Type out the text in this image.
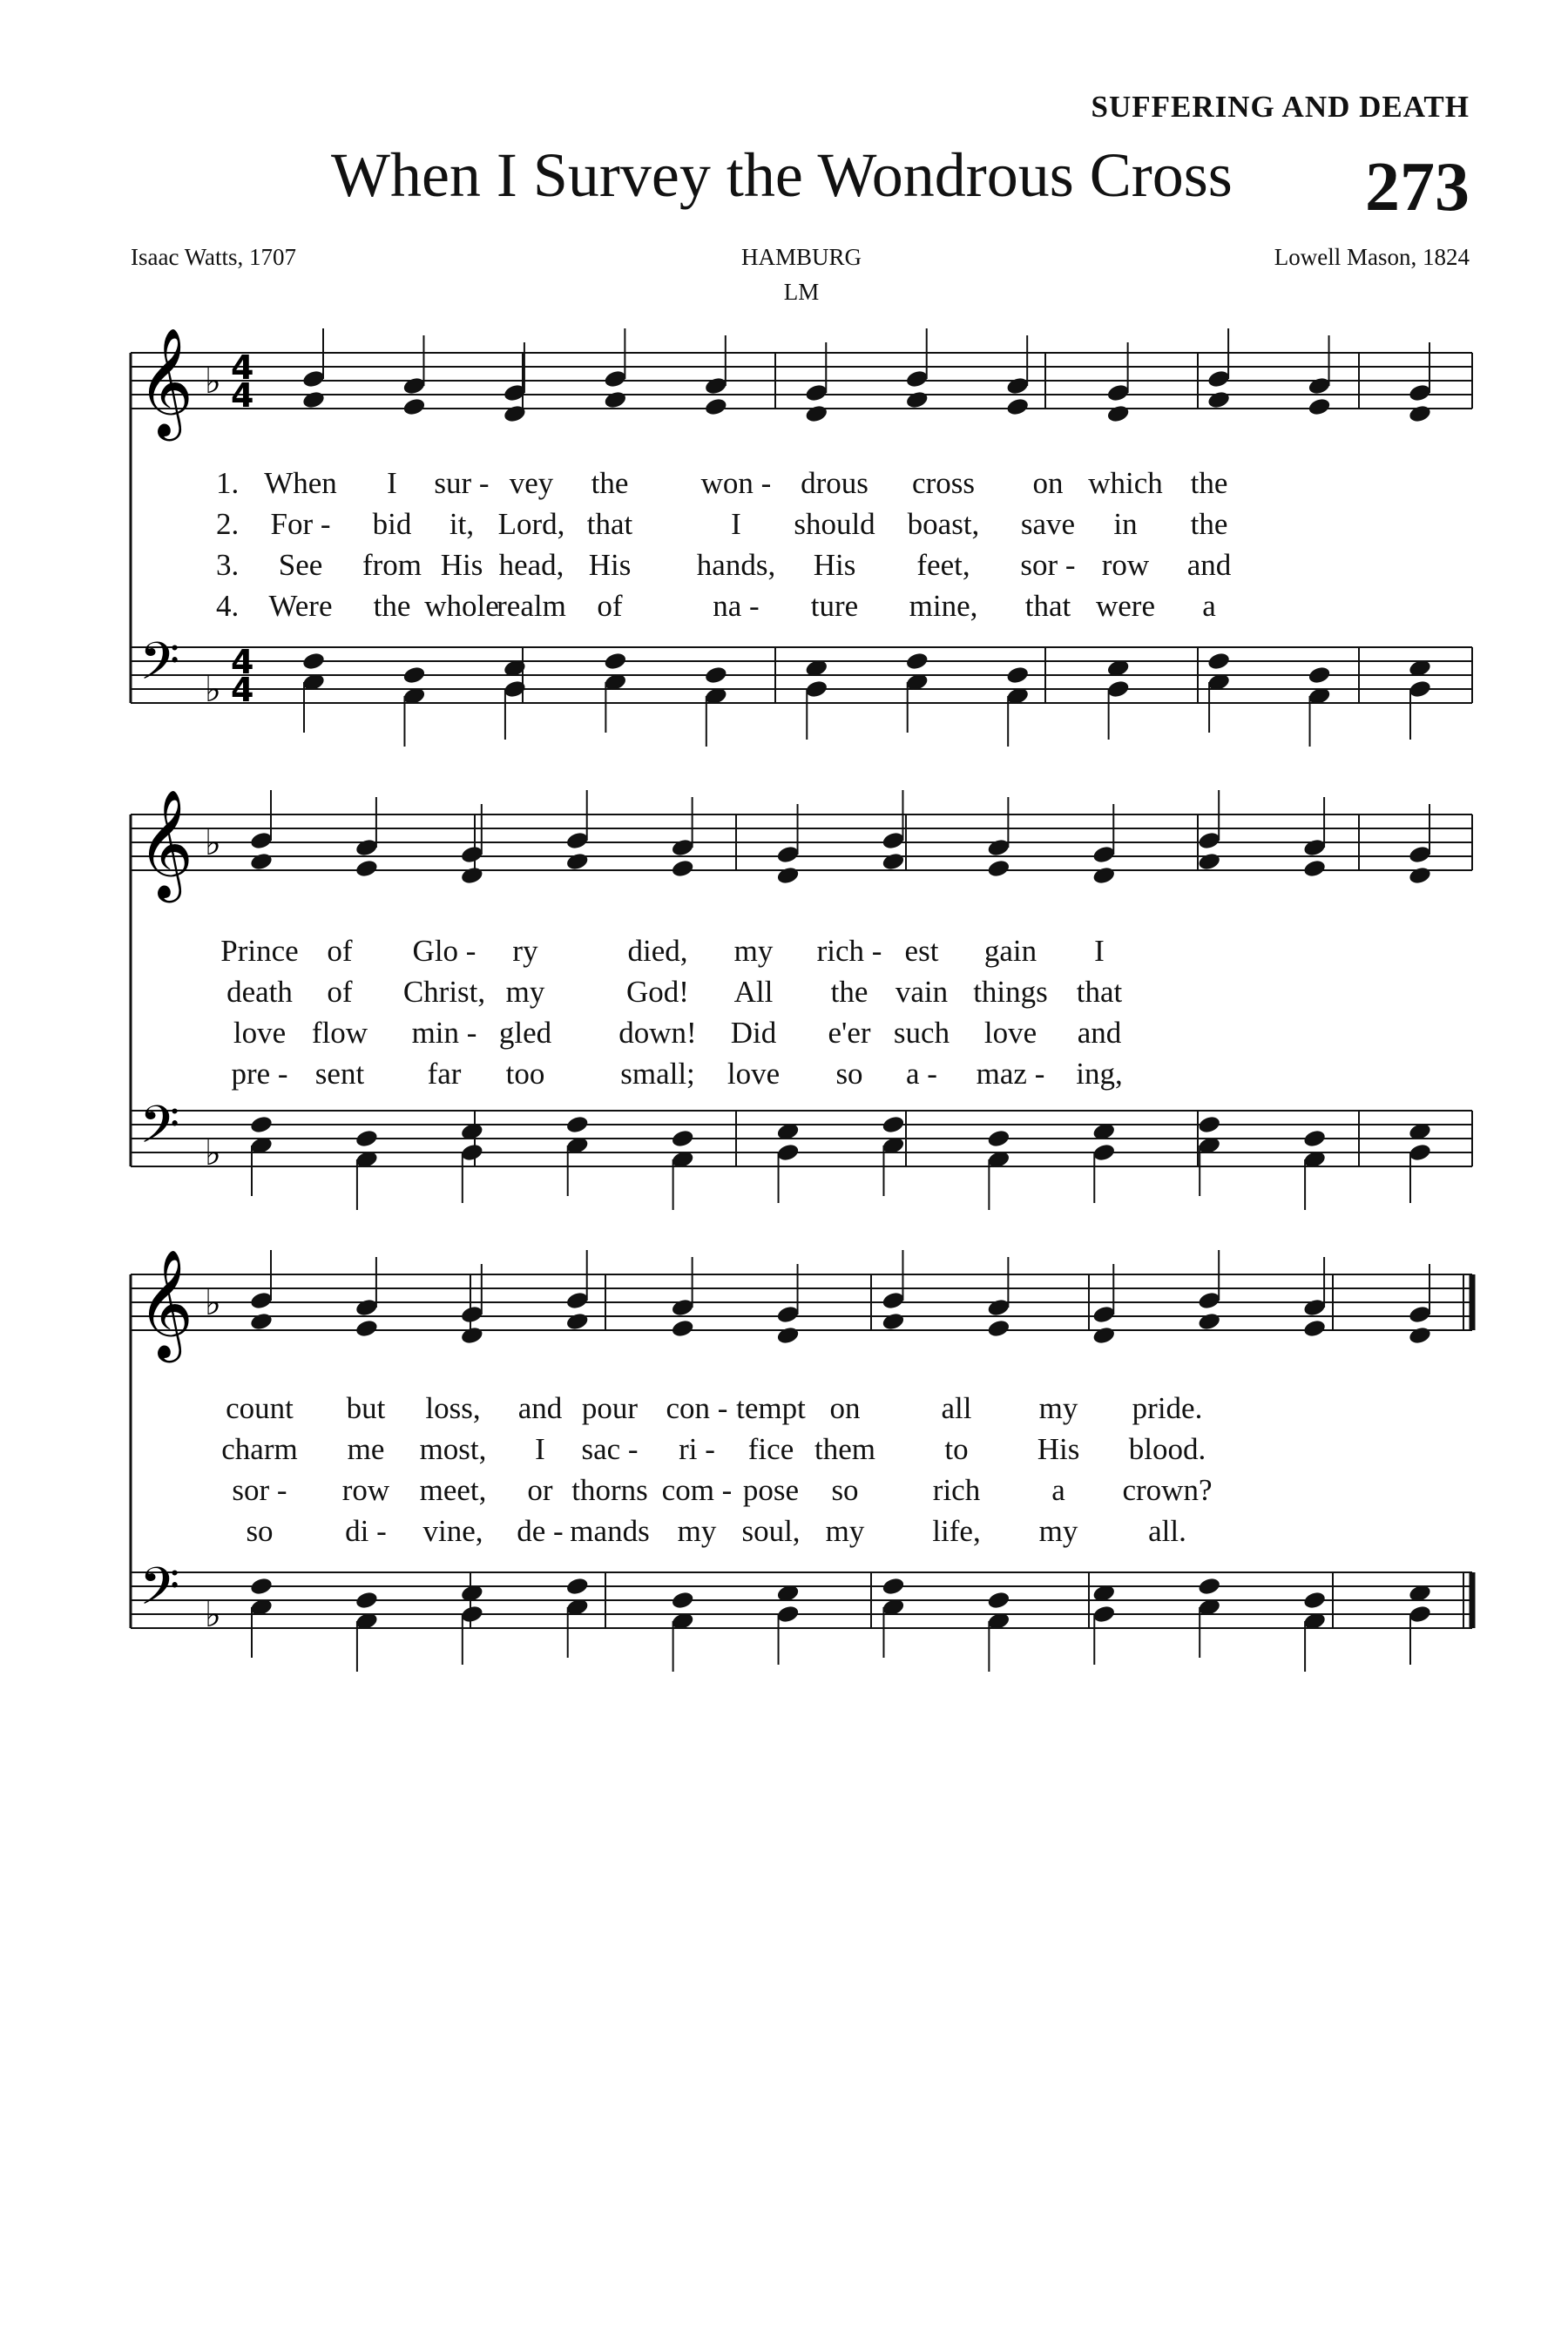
SUFFERING AND DEATH
When I Survey the Wondrous Cross 273
Isaac Watts, 1707	HAMBURG	Lowell Mason, 1824
LM
𝄞
𝄢
♭
♭
4
4
4
4
𝄞
𝄢
♭
♭
𝄞
𝄢
♭
♭
1. When I sur - vey the won - drous cross on which the
2. For - bid it, Lord, that	I should boast, save in the
3. See from His head, His hands, His feet, sor - row and
4. Were the whole
realm of	na - ture mine, that were a
Prince of Glo - ry	died, my rich - est gain I
death of Christ, my	God! All the vain things that
love flow min - gled down! Did e'er such love and
pre - sent far too small; love so a - maz - ing,
count but loss, and pour con - tempt on	all my pride.
charm me most, I sac - ri - fice them to His blood.
sor - row meet, or thorns com - pose so rich a crown?
so di - vine, de - mands my soul, my life, my all.
